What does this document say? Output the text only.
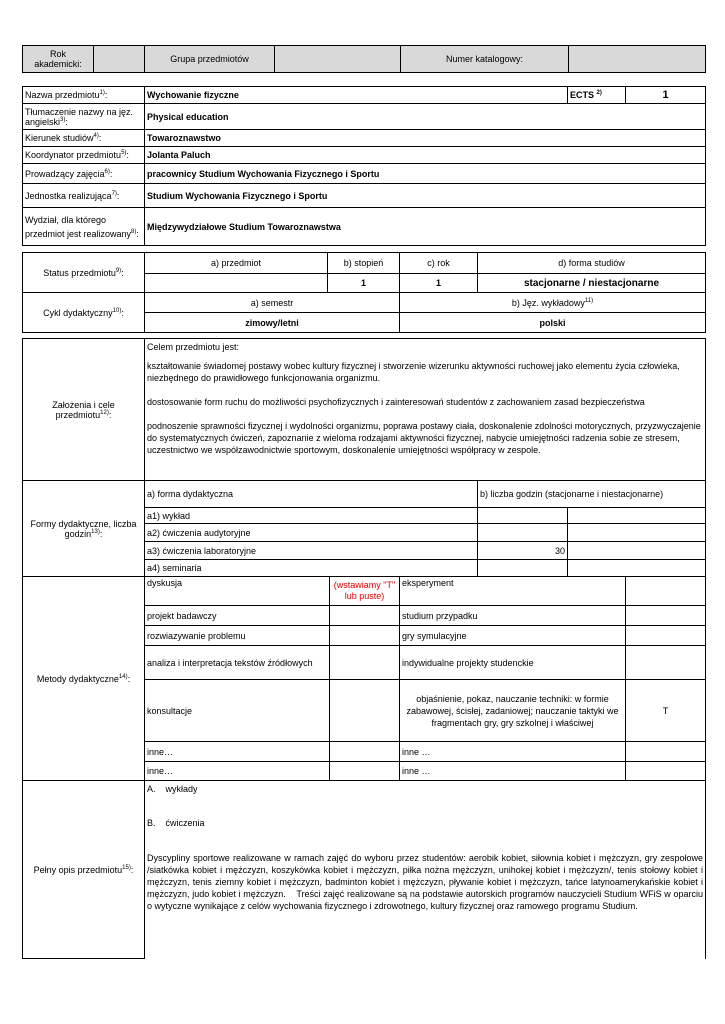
Rok akademicki:		Grupa przedmiotów		Numer katalogowy:	
Nazwa przedmiotu$^{1)}$:	Wychowanie fizyczne	ECTS $^{2)}$	1
Tłumaczenie nazwy na jęz. angielski$^{3)}$:	Physical education		
Kierunek studiów$^{4)}$:	Towaroznawstwo		
Koordynator przedmiotu$^{5)}$:	Jolanta Paluch		
Prowadzący zajęcia$^{6)}$:	pracownicy Studium Wychowania Fizycznego i Sportu		
Jednostka realizująca$^{7)}$:	Studium Wychowania Fizycznego i Sportu		
Wydział, dla którego przedmiot jest realizowany$^{8)}$:	Międzywydziałowe Studium Towaroznawstwa		
Status przedmiotu$^{9)}$:	a) przedmiot	b) stopień	c) rok	d) forma studiów
		1	1	stacjonarne / niestacjonarne
Cykl dydaktyczny$^{10)}$:	a) semestr		b) Jęz. wykładowy$^{11)}$
	zimowy/letni		polski	
Założenia i cele przedmiotu$^{12)}$:	

Celem przedmiotu jest:

kształtowanie świadomej postawy wobec kultury fizycznej i stworzenie wizerunku aktywności ruchowej jako elementu życia człowieka, niezbędnego do prawidłowego funkcjonowania organizmu.

dostosowanie form ruchu do możliwości psychofizycznych i zainteresowań studentów z zachowaniem zasad bezpieczeństwa

podnoszenie sprawności fizycznej i wydolności organizmu, poprawa postawy ciała, doskonalenie zdolności motorycznych, przyzwyczajenie do systematycznych ćwiczeń, zapoznanie z wieloma rodzajami aktywności fizycznej, nabycie umiejętności radzenia sobie ze stresem, uczestnictwo we współzawodnictwie sportowym, doskonalenie umiejętności współpracy w zespole.

Formy dydaktyczne, liczba godzin$^{13)}$:	a) forma dydaktyczna	b) liczba godzin (stacjonarne i niestacjonarne)	
	a1) wykład		
	a2) ćwiczenia audytoryjne		
	a3) ćwiczenia laboratoryjne	30	
	a4) seminaria		
Metody dydaktyczne$^{14)}$:	dyskusja	(wstawiamy "T" lub puste)	eksperyment	
	projekt badawczy		studium przypadku	
	rozwiazywanie problemu		gry symulacyjne	
	analiza i interpretacja tekstów źródłowych		indywidualne projekty studenckie	
	konsultacje		objaśnienie, pokaz, nauczanie techniki: w formie zabawowej, ścisłej, zadaniowej; nauczanie taktyki we fragmentach gry, gry szkolnej i właściwej	T
	inne…		inne …	
	inne…		inne …	
Pełny opis przedmiotu$^{15)}$:	

A.    wykłady

B.    ćwiczenia

Dyscypliny sportowe realizowane w ramach zajęć do wyboru przez studentów: aerobik kobiet, siłownia kobiet i mężczyzn, gry zespołowe /siatkówka kobiet i mężczyzn, koszykówka kobiet i mężczyzn, piłka nożna mężczyzn, unihokej kobiet i mężczyzn/, tenis stołowy kobiet i mężczyzn, tenis ziemny kobiet i mężczyzn, badminton kobiet i mężczyzn, pływanie kobiet i mężczyzn, tańce latynoamerykańskie kobiet i mężczyzn, judo kobiet i mężczyzn.    Treści zajęć realizowane są na podstawie autorskich programów nauczycieli Studium WFiS w oparciu o wytyczne wynikające z celów wychowania fizycznego i zdrowotnego, kultury fizycznej oraz ramowego programu Studium.
